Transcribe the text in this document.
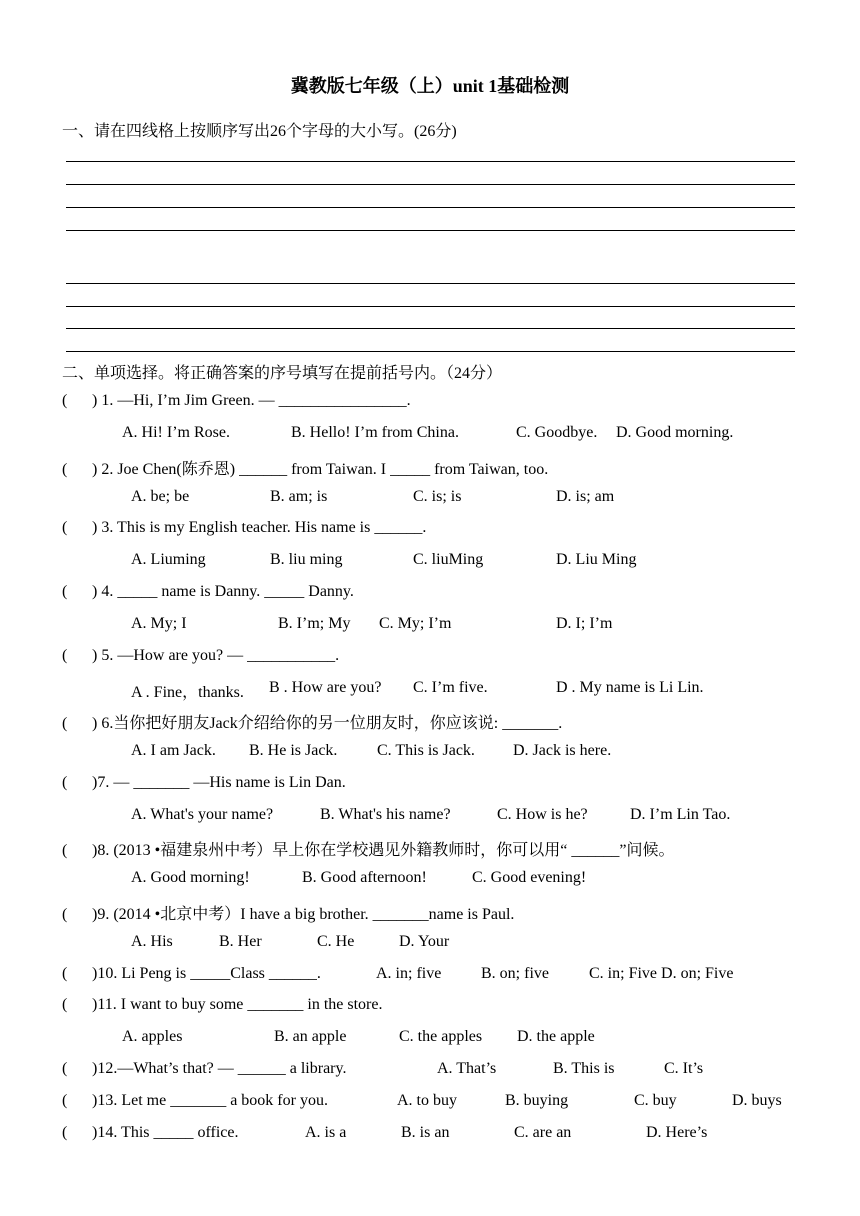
冀教版七年级（上）unit 1基础检测
一、请在四线格上按顺序写出26个字母的大小写。(26分)
二、单项选择。将正确答案的序号填写在提前括号内。（24分）
( ) 1. —Hi, I’m Jim Green. — ________________.
A. Hi! I’m Rose.	B. Hello! I’m from China.	C. Goodbye. D. Good morning.
( ) 2. Joe Chen(陈乔恩) ______ from Taiwan. I _____ from Taiwan, too.
A. be; be	B. am; is	C. is; is	D. is; am
( ) 3. This is my English teacher. His name is ______.
A. Liuming	B. liu ming	C. liuMing	D. Liu Ming
( ) 4. _____ name is Danny. _____ Danny.
A. My; I	B. I’m; My C. My; I’m	D. I; I’m
( ) 5. —How are you? — ___________.
A . Fine，thanks. B . How are you? C. I’m five.	D . My name is Li Lin.
( ) 6.当你把好朋友Jack介绍给你的另一位朋友时，你应该说: _______.
A. I am Jack. B. He is Jack. C. This is Jack. D. Jack is here.
( )7. — _______ —His name is Lin Dan.
A. What's your name?	B. What's his name?	C. How is he?	D. I’m Lin Tao.
( )8. (2013 •福建泉州中考）早上你在学校遇见外籍教师时，你可以用“ ______”问候。
A. Good morning!	B. Good afternoon!	C. Good evening!
( )9. (2014 •北京中考）I have a big brother. _______name is Paul.
A. His	B. Her	C. He	D. Your
( )10. Li Peng is _____Class ______.	A. in; five B. on; five	C. in; Five D. on; Five
( )11. I want to buy some _______ in the store.
A. apples	B. an apple	C. the apples D. the apple
( )12.—What’s that? — ______ a library.	A. That’s	B. This is	C. It’s
( )13. Let me _______ a book for you.	A. to buy	B. buying	C. buy	D. buys
( )14. This _____ office.	A. is a	B. is an	C. are an	D. Here’s
